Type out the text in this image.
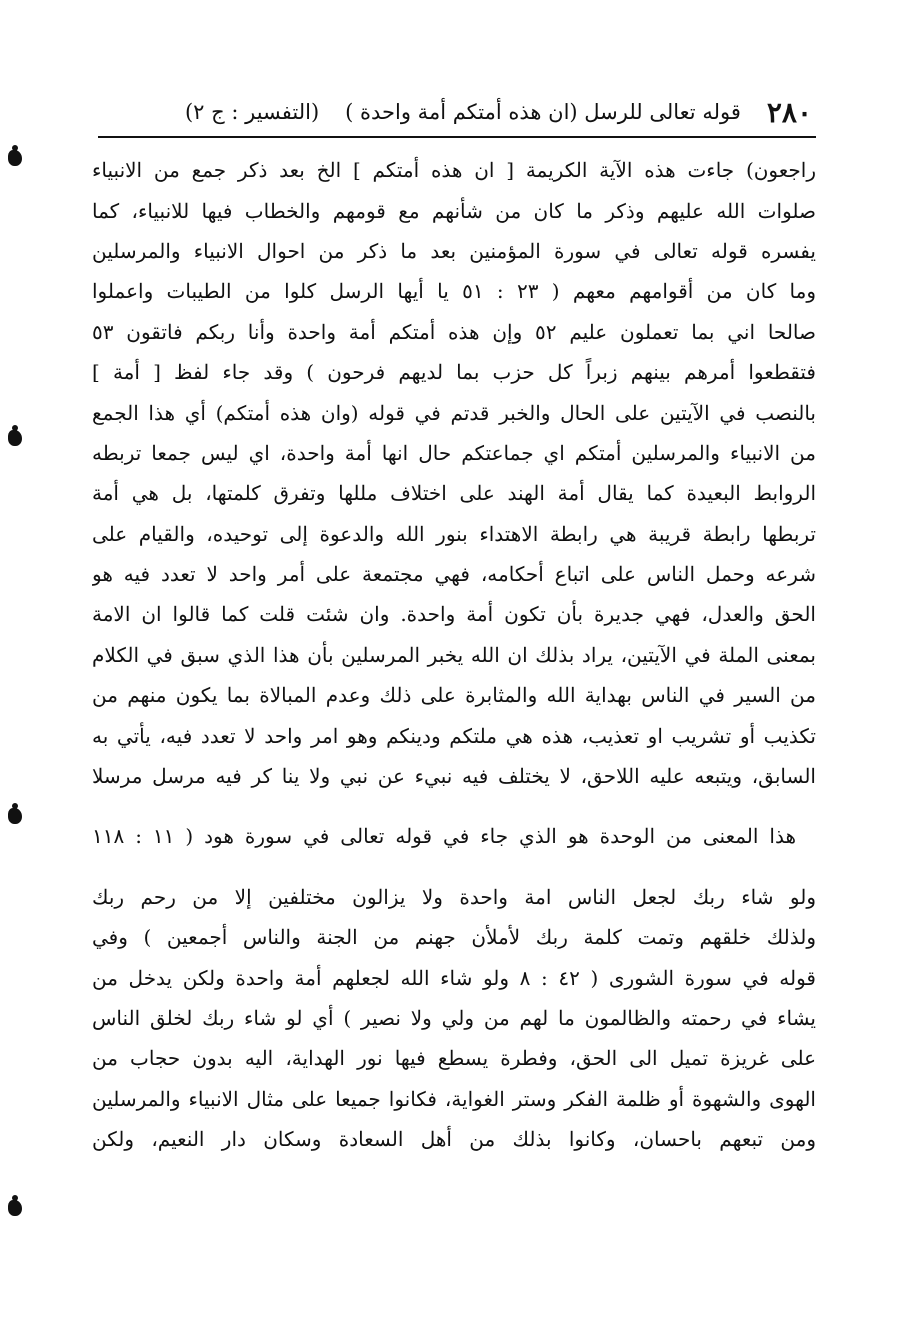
٢٨٠
قوله تعالى للرسل (ان هذه أمتكم أمة واحدة )
(التفسير : ج ٢)
راجعون) جاءت هذه الآية الكريمة [ ان هذه أمتكم ] الخ بعد ذكر جمع من الانبياء
صلوات الله عليهم وذكر ما كان من شأنهم مع قومهم والخطاب فيها للانبياء، كما
يفسره قوله تعالى في سورة المؤمنين بعد ما ذكر من احوال الانبياء والمرسلين
وما كان من أقوامهم معهم ( ٢٣ : ٥١ يا أيها الرسل كلوا من الطيبات واعملوا
صالحا اني بما تعملون عليم ٥٢ وإن هذه أمتكم أمة واحدة وأنا ربكم فاتقون ٥٣
فتقطعوا أمرهم بينهم زبراً كل حزب بما لديهم فرحون ) وقد جاء لفظ [ أمة ]
بالنصب في الآيتين على الحال والخبر قدتم في قوله (وان هذه أمتكم) أي هذا الجمع
من الانبياء والمرسلين أمتكم اي جماعتكم حال انها أمة واحدة، اي ليس جمعا تربطه
الروابط البعيدة كما يقال أمة الهند على اختلاف مللها وتفرق كلمتها، بل هي أمة
تربطها رابطة قريبة هي رابطة الاهتداء بنور الله والدعوة إلى توحيده، والقيام على
شرعه وحمل الناس على اتباع أحكامه، فهي مجتمعة على أمر واحد لا تعدد فيه هو
الحق والعدل، فهي جديرة بأن تكون أمة واحدة. وان شئت قلت كما قالوا ان الامة
بمعنى الملة في الآيتين، يراد بذلك ان الله يخبر المرسلين بأن هذا الذي سبق في الكلام
من السير في الناس بهداية الله والمثابرة على ذلك وعدم المبالاة بما يكون منهم من
تكذيب أو تشريب او تعذيب، هذه هي ملتكم ودينكم وهو امر واحد لا تعدد فيه، يأتي به
السابق، ويتبعه عليه اللاحق، لا يختلف فيه نبيء عن نبي ولا ينا كر فيه مرسل مرسلا
هذا المعنى من الوحدة هو الذي جاء في قوله تعالى في سورة هود ( ١١ : ١١٨
ولو شاء ربك لجعل الناس امة واحدة ولا يزالون مختلفين إلا من رحم ربك
ولذلك خلقهم وتمت كلمة ربك لأملأن جهنم من الجنة والناس أجمعين ) وفي
قوله في سورة الشورى ( ٤٢ : ٨ ولو شاء الله لجعلهم أمة واحدة ولكن يدخل من
يشاء في رحمته والظالمون ما لهم من ولي ولا نصير ) أي لو شاء ربك لخلق الناس
على غريزة تميل الى الحق، وفطرة يسطع فيها نور الهداية، اليه بدون حجاب من
الهوى والشهوة أو ظلمة الفكر وستر الغواية، فكانوا جميعا على مثال الانبياء والمرسلين
ومن تبعهم باحسان، وكانوا بذلك من أهل السعادة وسكان دار النعيم، ولكن
